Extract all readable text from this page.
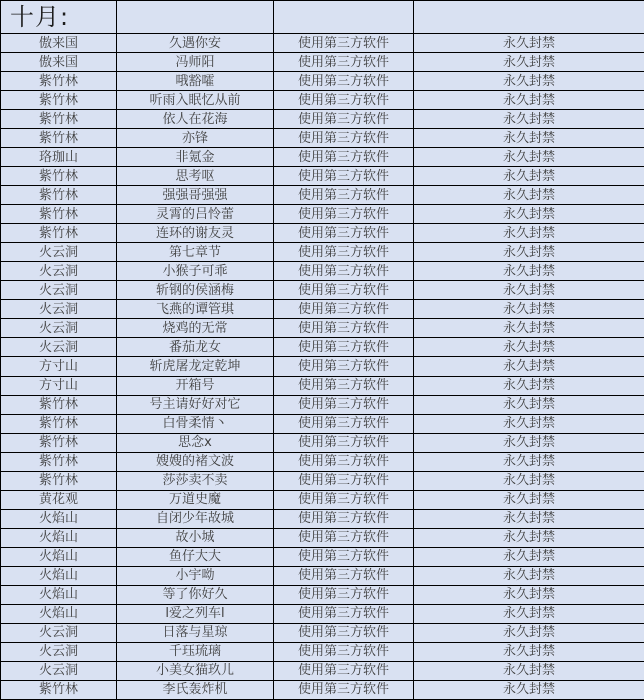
十月:
傲来国	久遇你安	使用第三方软件	永久封禁
傲来国	冯师阳	使用第三方软件	永久封禁
紫竹林	哦豁嚯	使用第三方软件	永久封禁
紫竹林	听雨入眠忆从前	使用第三方软件	永久封禁
紫竹林	依人在花海	使用第三方软件	永久封禁
紫竹林	亦锋	使用第三方软件	永久封禁
珞珈山	非氪金	使用第三方软件	永久封禁
紫竹林	思考呕	使用第三方软件	永久封禁
紫竹林	强强哥强强	使用第三方软件	永久封禁
紫竹林	灵霄的吕怜蕾	使用第三方软件	永久封禁
紫竹林	连环的谢友灵	使用第三方软件	永久封禁
火云洞	第七章节	使用第三方软件	永久封禁
火云洞	小猴子可乖	使用第三方软件	永久封禁
火云洞	斩钢的侯涵梅	使用第三方软件	永久封禁
火云洞	飞燕的谭管琪	使用第三方软件	永久封禁
火云洞	烧鸡的无常	使用第三方软件	永久封禁
火云洞	番茄龙女	使用第三方软件	永久封禁
方寸山	斩虎屠龙定乾坤	使用第三方软件	永久封禁
方寸山	开箱号	使用第三方软件	永久封禁
紫竹林	号主请好好对它	使用第三方软件	永久封禁
紫竹林	白骨柔情丶	使用第三方软件	永久封禁
紫竹林	思念x	使用第三方软件	永久封禁
紫竹林	嫂嫂的褚文波	使用第三方软件	永久封禁
紫竹林	莎莎卖不卖	使用第三方软件	永久封禁
黄花观	万道史魔	使用第三方软件	永久封禁
火焰山	自闭少年故城	使用第三方软件	永久封禁
火焰山	故小城	使用第三方软件	永久封禁
火焰山	鱼仔大大	使用第三方软件	永久封禁
火焰山	小宇呦	使用第三方软件	永久封禁
火焰山	等了你好久	使用第三方软件	永久封禁
火焰山	l爱之列车l	使用第三方软件	永久封禁
火云洞	日落与星琼	使用第三方软件	永久封禁
火云洞	千珏琉璃	使用第三方软件	永久封禁
火云洞	小美女猫玖儿	使用第三方软件	永久封禁
紫竹林	李氏轰炸机	使用第三方软件	永久封禁
